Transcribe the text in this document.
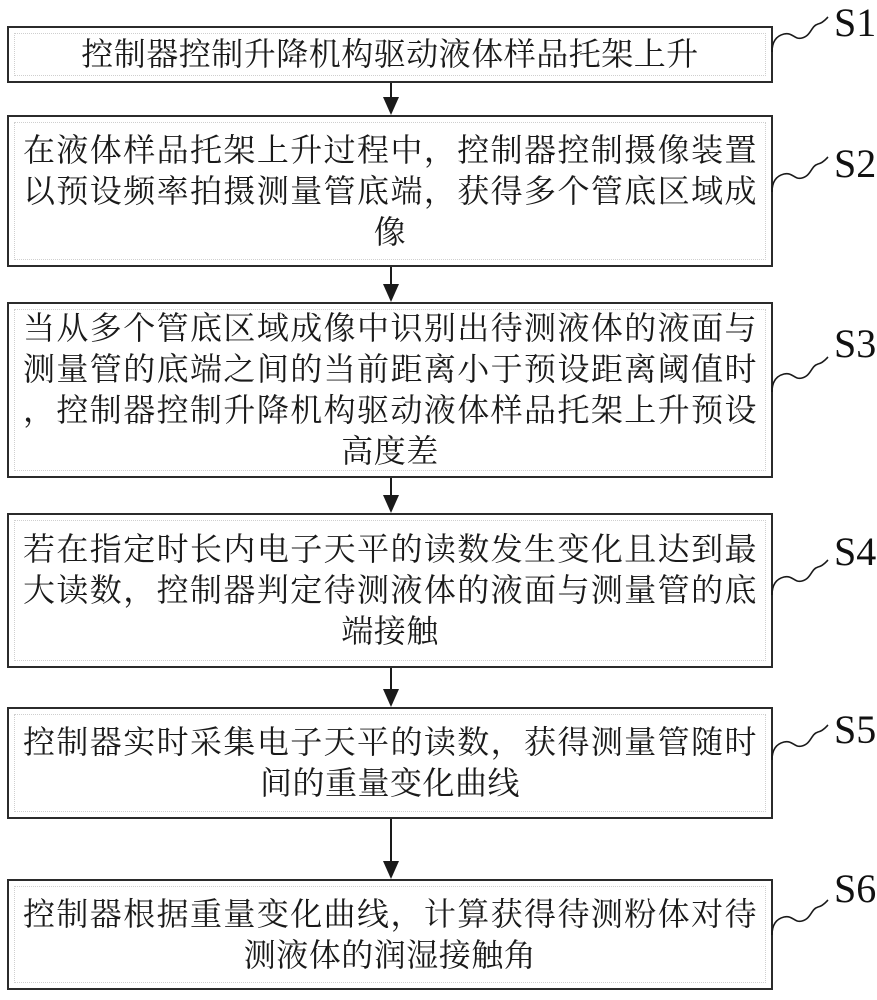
控制器控制升降机构驱动液体样品托架上升
S1
在液体样品托架上升过程中，控制器控制摄像装置
以预设频率拍摄测量管底端，获得多个管底区域成
像
S2
当从多个管底区域成像中识别出待测液体的液面与
测量管的底端之间的当前距离小于预设距离阈值时
，控制器控制升降机构驱动液体样品托架上升预设
高度差
S3
若在指定时长内电子天平的读数发生变化且达到最
大读数，控制器判定待测液体的液面与测量管的底
端接触
S4
控制器实时采集电子天平的读数，获得测量管随时
间的重量变化曲线
S5
控制器根据重量变化曲线，计算获得待测粉体对待
测液体的润湿接触角
S6
